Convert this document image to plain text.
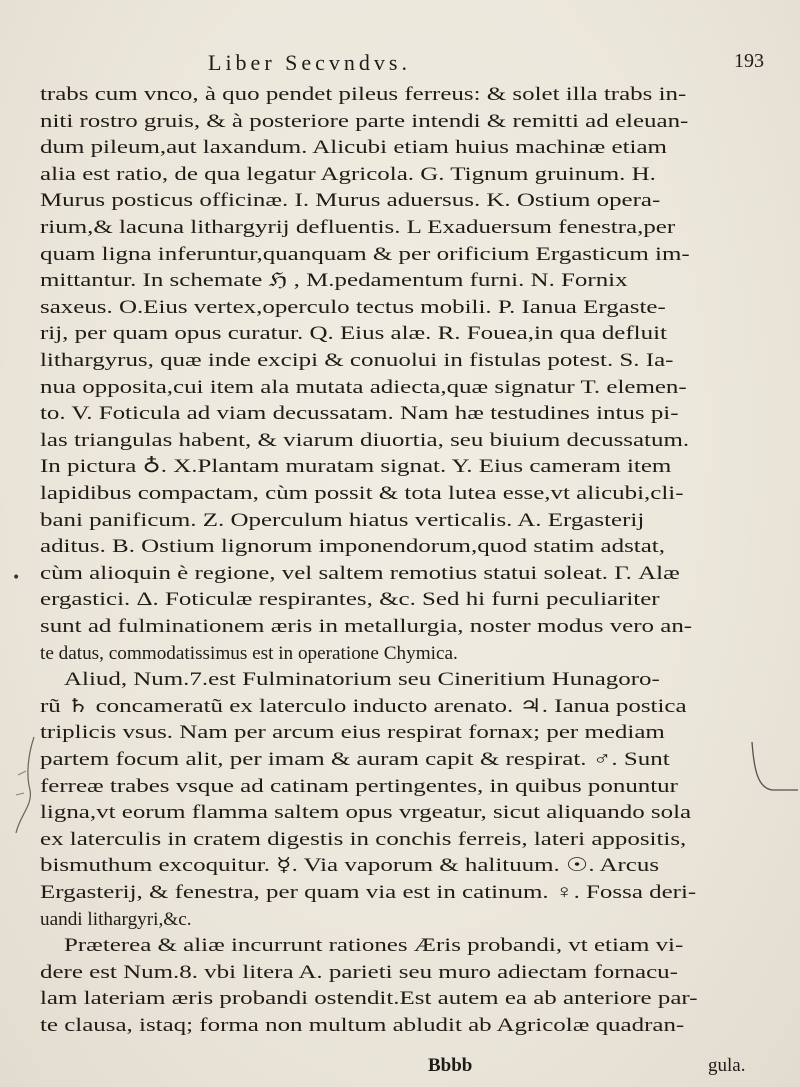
Liber Secvndvs.	193
trabs cum vnco, à quo pendet pileus ferreus: & solet illa trabs in-
niti rostro gruis, & à posteriore parte intendi & remitti ad eleuan-
dum pileum,aut laxandum. Alicubi etiam huius machinæ etiam
alia est ratio, de qua legatur Agricola. G. Tignum gruinum. H.
Murus posticus officinæ. I. Murus aduersus. K. Ostium opera-
rium,& lacuna lithargyrij defluentis. L Exaduersum fenestra,per
quam ligna inferuntur,quanquam & per orificium Ergasticum im-
mittantur. In schemate ℌ , M.pedamentum furni. N. Fornix
saxeus. O.Eius vertex,operculo tectus mobili. P. Ianua Ergaste-
rij, per quam opus curatur. Q. Eius alæ. R. Fouea,in qua defluit
lithargyrus, quæ inde excipi & conuolui in fistulas potest. S. Ia-
nua opposita,cui item ala mutata adiecta,quæ signatur T. elemen-
to. V. Foticula ad viam decussatam. Nam hæ testudines intus pi-
las triangulas habent, & viarum diuortia, seu biuium decussatum.
In pictura ♁. X.Plantam muratam signat. Y. Eius cameram item
lapidibus compactam, cùm possit & tota lutea esse,vt alicubi,cli-
bani panificum. Z. Operculum hiatus verticalis. A. Ergasterij
aditus. B. Ostium lignorum imponendorum,quod statim adstat,
cùm alioquin è regione, vel saltem remotius statui soleat. Γ. Alæ
ergastici. Δ. Foticulæ respirantes, &c. Sed hi furni peculiariter
sunt ad fulminationem æris in metallurgia, noster modus vero an-
te datus, commodatissimus est in operatione Chymica.
Aliud, Num.7.est Fulminatorium seu Cineritium Hunagoro-
rũ ♄ concameratũ ex laterculo inducto arenato. ♃. Ianua postica
triplicis vsus. Nam per arcum eius respirat fornax; per mediam
partem focum alit, per imam & auram capit & respirat. ♂. Sunt
ferreæ trabes vsque ad catinam pertingentes, in quibus ponuntur
ligna,vt eorum flamma saltem opus vrgeatur, sicut aliquando sola
ex laterculis in cratem digestis in conchis ferreis, lateri appositis,
bismuthum excoquitur. ☿. Via vaporum & halituum. ☉. Arcus
Ergasterij, & fenestra, per quam via est in catinum. ♀. Fossa deri-
uandi lithargyri,&c.
Præterea & aliæ incurrunt rationes Æris probandi, vt etiam vi-
dere est Num.8. vbi litera A. parieti seu muro adiectam fornacu-
lam lateriam æris probandi ostendit.Est autem ea ab anteriore par-
te clausa, istaq; forma non multum abludit ab Agricolæ quadran-
•
Bbbb	gula.
